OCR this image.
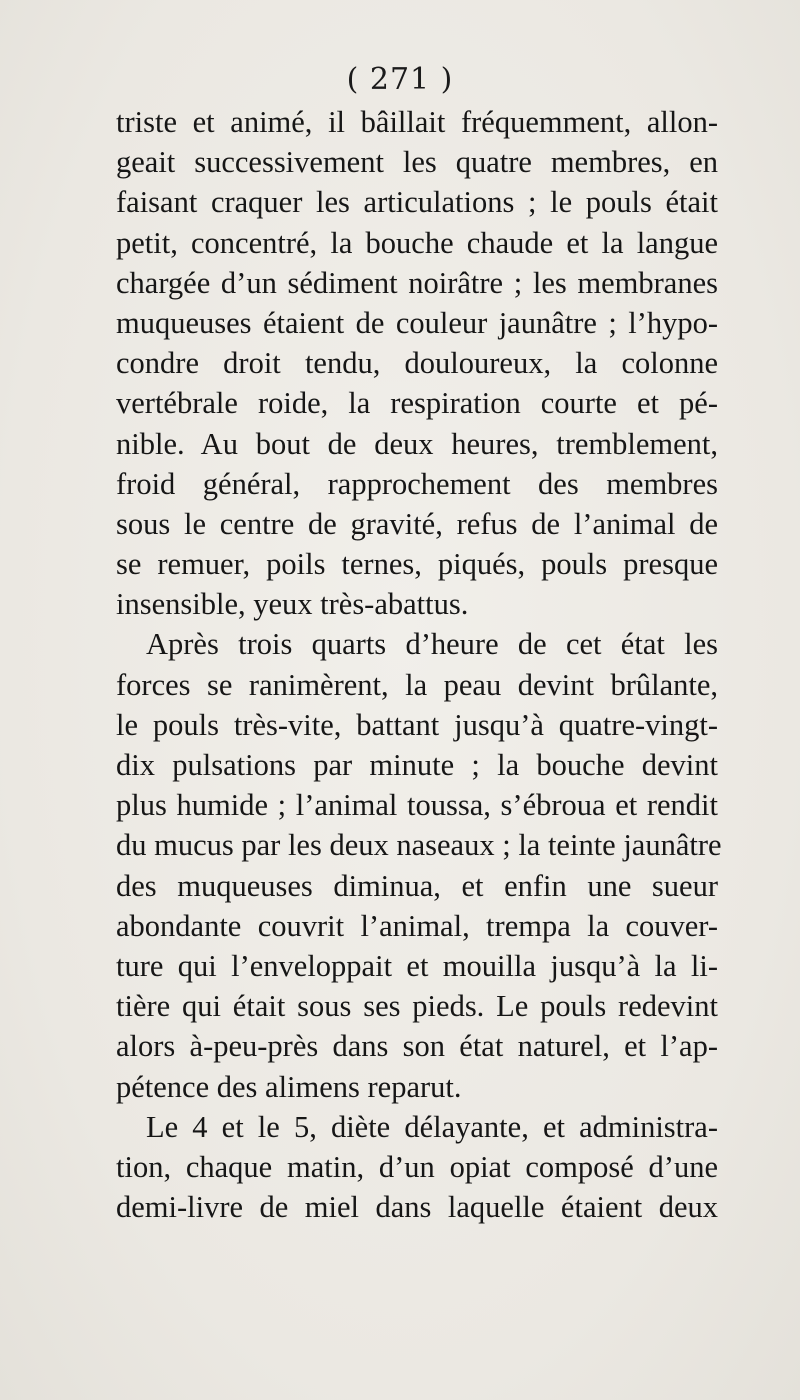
( 271 )
triste et animé, il bâillait fréquemment, allon-
geait successivement les quatre membres, en
faisant craquer les articulations ; le pouls était
petit, concentré, la bouche chaude et la langue
chargée d’un sédiment noirâtre ; les membranes
muqueuses étaient de couleur jaunâtre ; l’hypo-
condre droit tendu, douloureux, la colonne
vertébrale roide, la respiration courte et pé-
nible. Au bout de deux heures, tremblement,
froid général, rapprochement des membres
sous le centre de gravité, refus de l’animal de
se remuer, poils ternes, piqués, pouls presque
insensible, yeux très-abattus.
Après trois quarts d’heure de cet état les
forces se ranimèrent, la peau devint brûlante,
le pouls très-vite, battant jusqu’à quatre-vingt-
dix pulsations par minute ; la bouche devint
plus humide ; l’animal toussa, s’ébroua et rendit
du mucus par les deux naseaux ; la teinte jaunâtre
des muqueuses diminua, et enfin une sueur
abondante couvrit l’animal, trempa la couver-
ture qui l’enveloppait et mouilla jusqu’à la li-
tière qui était sous ses pieds. Le pouls redevint
alors à-peu-près dans son état naturel, et l’ap-
pétence des alimens reparut.
Le 4 et le 5, diète délayante, et administra-
tion, chaque matin, d’un opiat composé d’une
demi-livre de miel dans laquelle étaient deux
